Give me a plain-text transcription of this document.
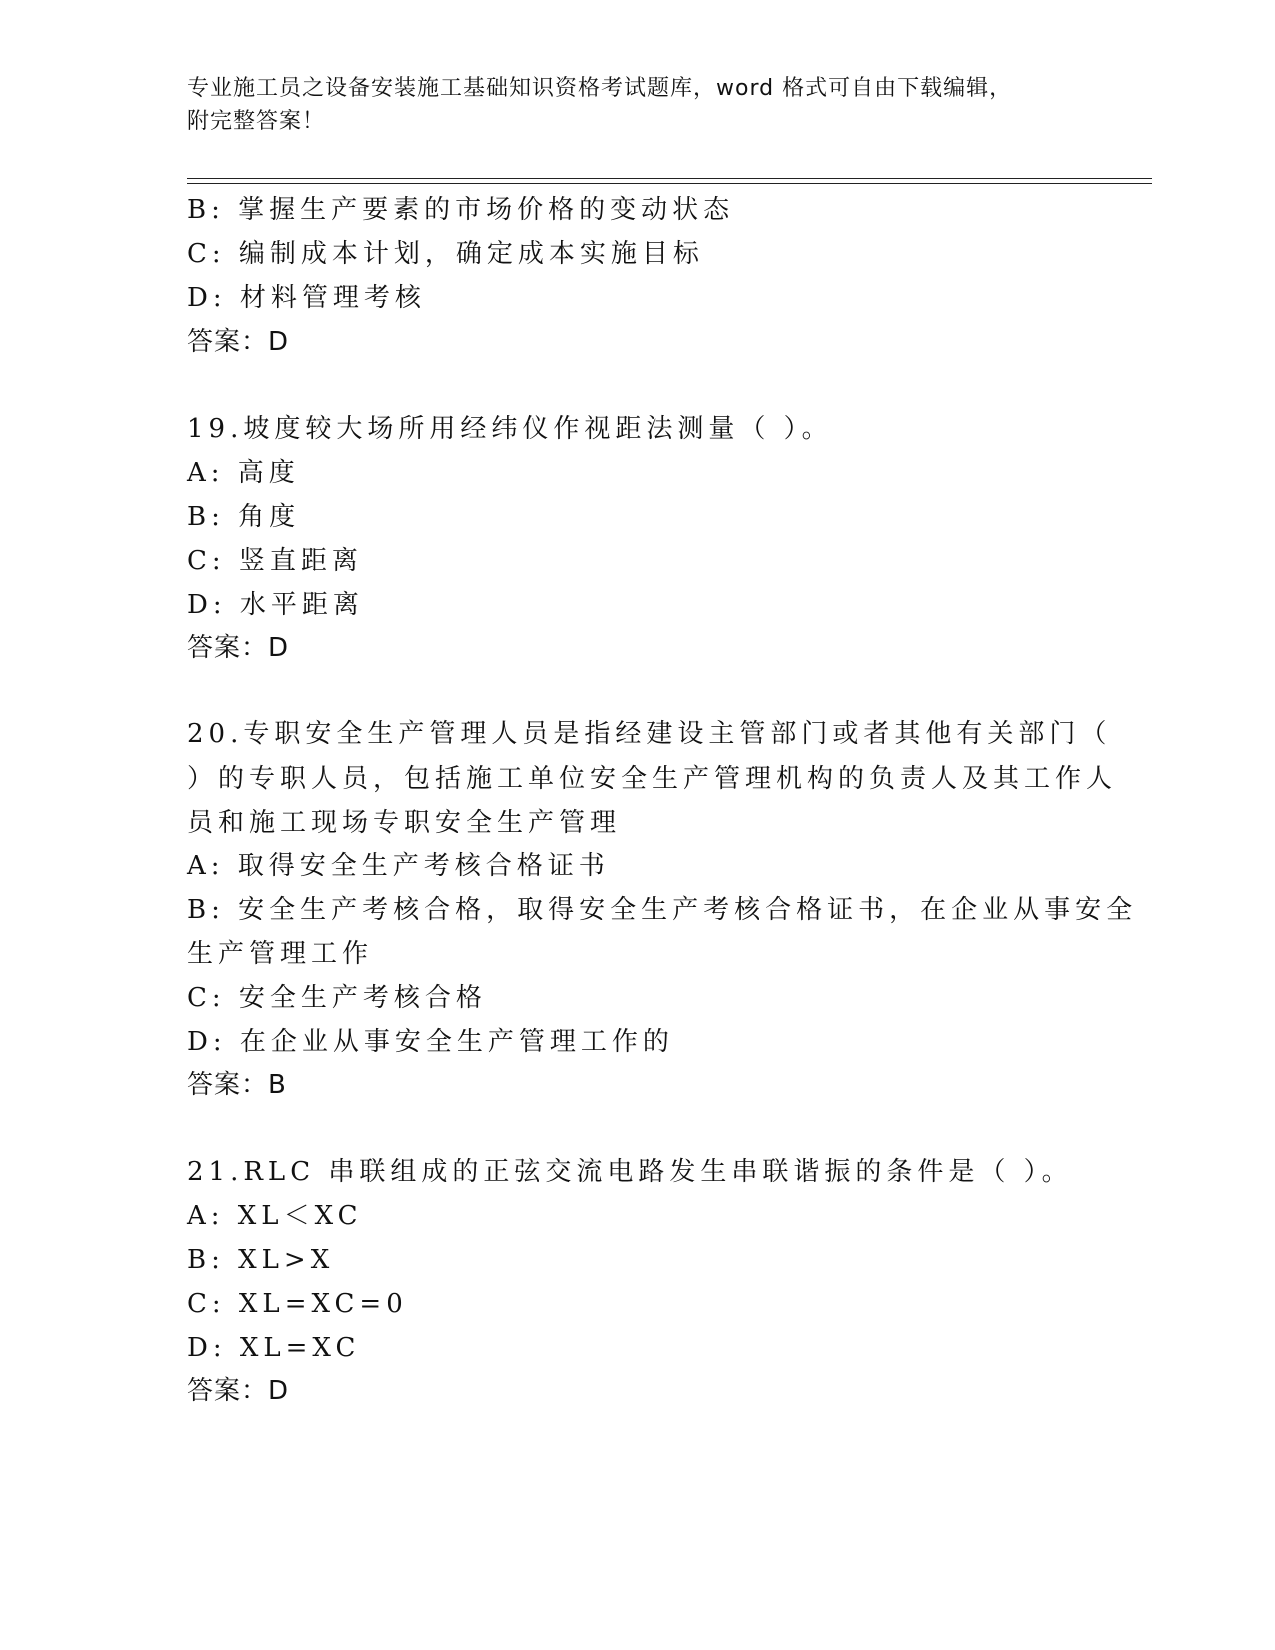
专业施工员之设备安装施工基础知识资格考试题库，word 格式可自由下载编辑，
附完整答案！
B: 掌握生产要素的市场价格的变动状态
C: 编制成本计划，确定成本实施目标
D: 材料管理考核
答案：D
19.坡度较大场所用经纬仪作视距法测量（ ）。
A: 高度
B: 角度
C: 竖直距离
D: 水平距离
答案：D
20.专职安全生产管理人员是指经建设主管部门或者其他有关部门（
）的专职人员，包括施工单位安全生产管理机构的负责人及其工作人
员和施工现场专职安全生产管理
A: 取得安全生产考核合格证书
B: 安全生产考核合格，取得安全生产考核合格证书，在企业从事安全
生产管理工作
C: 安全生产考核合格
D: 在企业从事安全生产管理工作的
答案：B
21.RLC 串联组成的正弦交流电路发生串联谐振的条件是（ ）。
A: XL＜XC
B: XL>X
C: XL=XC=0
D: XL=XC
答案：D
